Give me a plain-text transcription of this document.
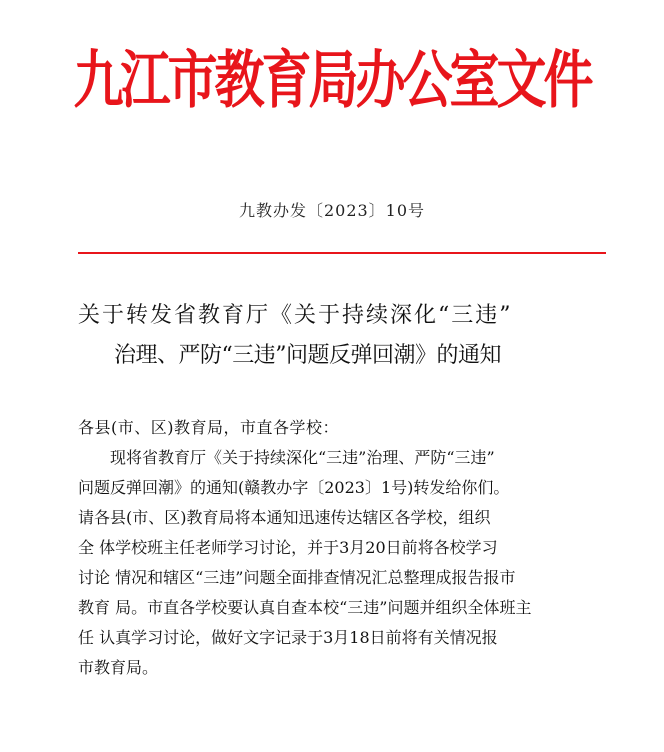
九江市教育局办公室文件
九教办发〔2023〕10号
关于转发省教育厅《关于持续深化“三违”
治理、严防“三违”问题反弹回潮》的通知
各县(市、区)教育局，市直各学校：
现将省教育厅《关于持续深化“三违”治理、严防“三违”
问题反弹回潮》的通知(赣教办字〔2023〕1号)转发给你们。
请各县(市、区)教育局将本通知迅速传达辖区各学校，组织
全 体学校班主任老师学习讨论，并于3月20日前将各校学习
讨论 情况和辖区“三违”问题全面排查情况汇总整理成报告报市
教育 局。市直各学校要认真自查本校“三违”问题并组织全体班主
任 认真学习讨论，做好文字记录于3月18日前将有关情况报
市教育局。
